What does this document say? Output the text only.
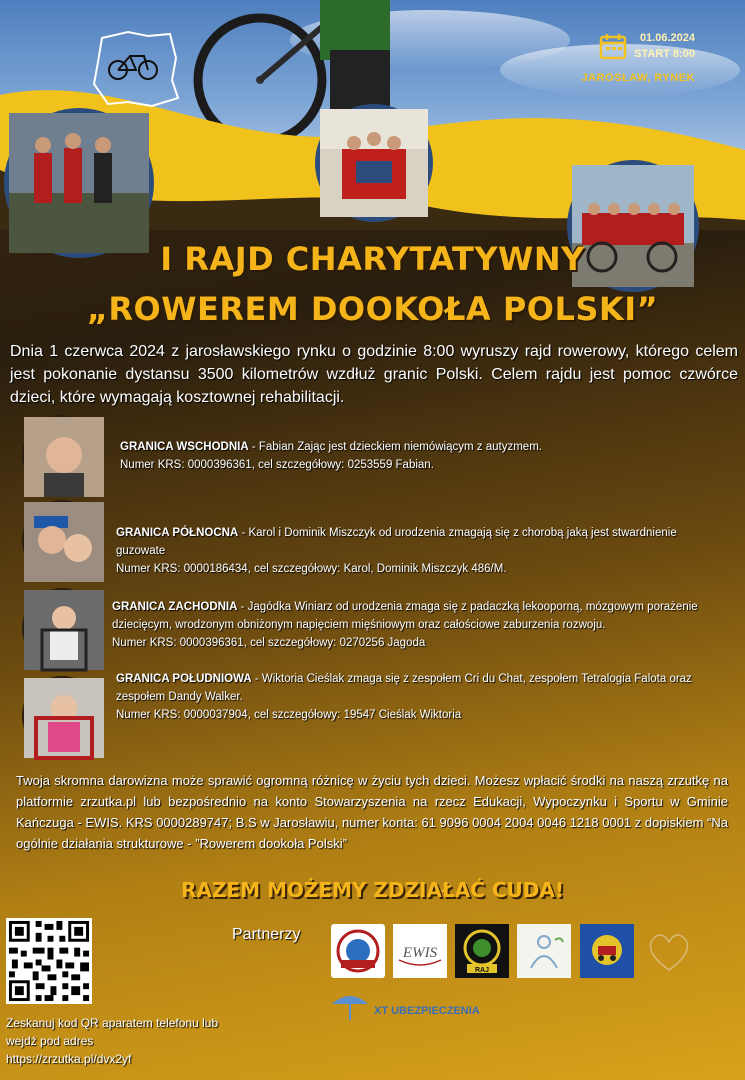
01.06.2024
START 8:00
JAROSŁAW, RYNEK
I RAJD CHARYTATYWNY
„ROWEREM DOOKOŁA POLSKI”
Dnia 1 czerwca 2024 z jarosławskiego rynku o godzinie 8:00 wyruszy rajd rowerowy, którego celem jest pokonanie dystansu 3500 kilometrów wzdłuż granic Polski. Celem rajdu jest pomoc czwórce dzieci, które wymagają kosztownej rehabilitacji.
GRANICA WSCHODNIA - Fabian Zając jest dzieckiem niemówiącym z autyzmem.
Numer KRS: 0000396361, cel szczegółowy: 0253559 Fabian.
GRANICA PÓŁNOCNA - Karol i Dominik Miszczyk od urodzenia zmagają się z chorobą jaką jest stwardnienie guzowate
Numer KRS: 0000186434, cel szczegółowy: Karol, Dominik Miszczyk 486/M.
GRANICA ZACHODNIA - Jagódka Winiarz od urodzenia zmaga się z padaczką lekooporną, mózgowym porażenie dziecięcym, wrodzonym obniżonym napięciem mięśniowym oraz całościowe zaburzenia rozwoju.
Numer KRS: 0000396361, cel szczegółowy: 0270256 Jagoda
GRANICA POŁUDNIOWA - Wiktoria Cieślak zmaga się z zespołem Cri du Chat, zespołem Tetralogia Falota oraz zespołem Dandy Walker.
Numer KRS: 0000037904, cel szczegółowy: 19547 Cieślak Wiktoria
Twoja skromna darowizna może sprawić ogromną różnicę w życiu tych dzieci. Możesz wpłacić środki na naszą zrzutkę na platformie zrzutka.pl lub bezpośrednio na konto Stowarzyszenia na rzecz Edukacji, Wypoczynku i Sportu w Gminie Kańczuga - EWIS. KRS 0000289747; B.S w Jarosławiu, numer konta: 61 9096 0004 2004 0046 1218 0001 z dopiskiem “Na ogólnie działania strukturowe - ”Rowerem dookoła Polski”
RAZEM MOŻEMY ZDZIAŁAĆ CUDA!
Zeskanuj kod QR aparatem telefonu lub
wejdź pod adres
https://zrzutka.pl/dvx2yf
Partnerzy
EWIS
RAJ
XT UBEZPIECZENIA
